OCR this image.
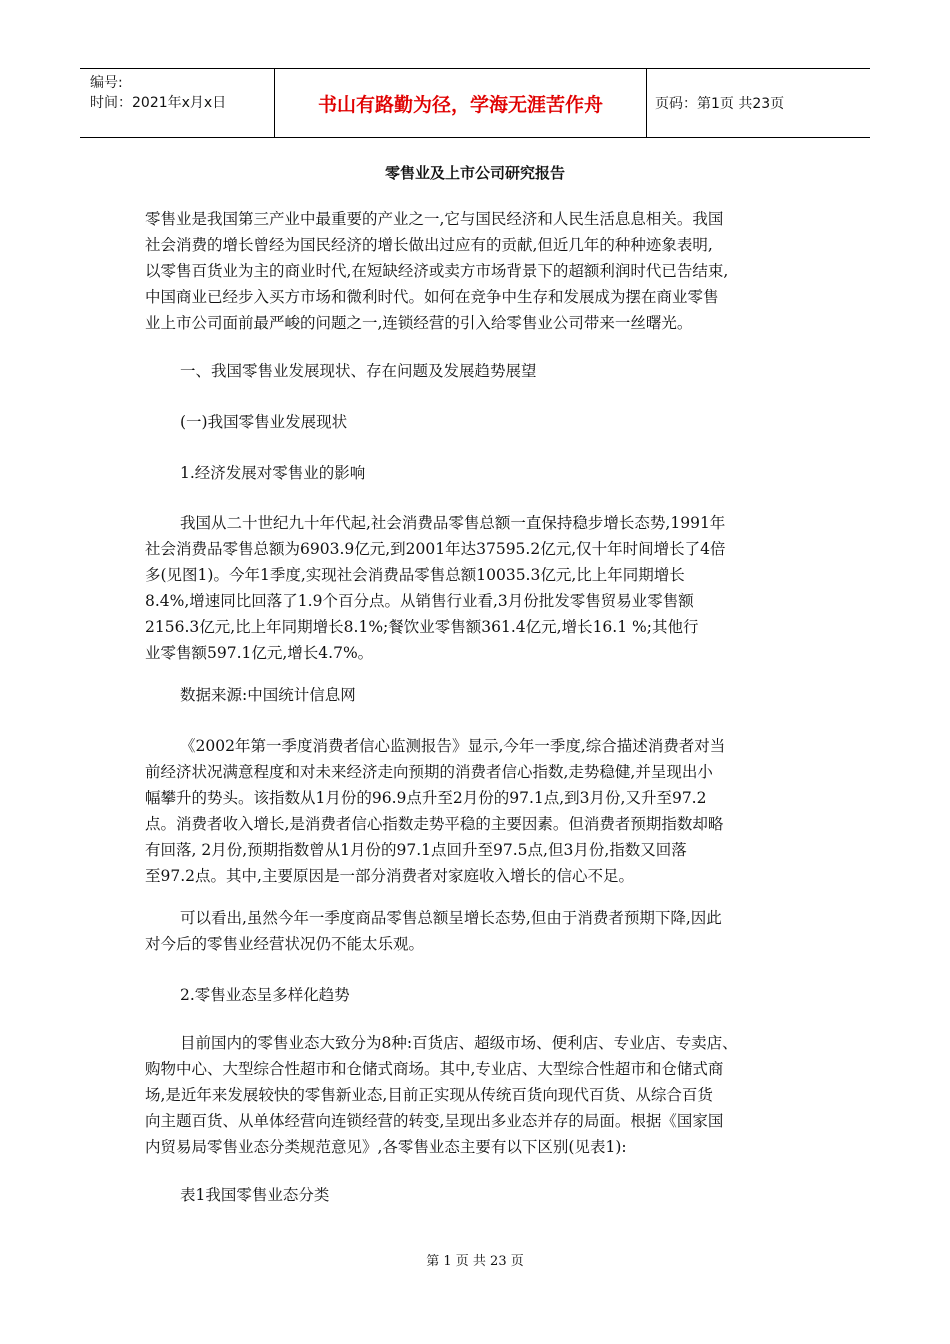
编号:
时间：2021年x月x日	书山有路勤为径，学海无涯苦作舟	页码：第1页 共23页
零售业及上市公司研究报告
零售业是我国第三产业中最重要的产业之一,它与国民经济和人民生活息息相关。我国
社会消费的增长曾经为国民经济的增长做出过应有的贡献,但近几年的种种迹象表明,
以零售百货业为主的商业时代,在短缺经济或卖方市场背景下的超额利润时代已告结束,
中国商业已经步入买方市场和微利时代。如何在竞争中生存和发展成为摆在商业零售
业上市公司面前最严峻的问题之一,连锁经营的引入给零售业公司带来一丝曙光。
一、我国零售业发展现状、存在问题及发展趋势展望
(一)我国零售业发展现状
1.经济发展对零售业的影响
我国从二十世纪九十年代起,社会消费品零售总额一直保持稳步增长态势,1991年
社会消费品零售总额为6903.9亿元,到2001年达37595.2亿元,仅十年时间增长了4倍
多(见图1)。今年1季度,实现社会消费品零售总额10035.3亿元,比上年同期增长
8.4%,增速同比回落了1.9个百分点。从销售行业看,3月份批发零售贸易业零售额
2156.3亿元,比上年同期增长8.1%;餐饮业零售额361.4亿元,增长16.1 %;其他行
业零售额597.1亿元,增长4.7%。
数据来源:中国统计信息网
《2002年第一季度消费者信心监测报告》显示,今年一季度,综合描述消费者对当
前经济状况满意程度和对未来经济走向预期的消费者信心指数,走势稳健,并呈现出小
幅攀升的势头。该指数从1月份的96.9点升至2月份的97.1点,到3月份,又升至97.2
点。消费者收入增长,是消费者信心指数走势平稳的主要因素。但消费者预期指数却略
有回落, 2月份,预期指数曾从1月份的97.1点回升至97.5点,但3月份,指数又回落
至97.2点。其中,主要原因是一部分消费者对家庭收入增长的信心不足。
可以看出,虽然今年一季度商品零售总额呈增长态势,但由于消费者预期下降,因此
对今后的零售业经营状况仍不能太乐观。
2.零售业态呈多样化趋势
目前国内的零售业态大致分为8种:百货店、超级市场、便利店、专业店、专卖店、
购物中心、大型综合性超市和仓储式商场。其中,专业店、大型综合性超市和仓储式商
场,是近年来发展较快的零售新业态,目前正实现从传统百货向现代百货、从综合百货
向主题百货、从单体经营向连锁经营的转变,呈现出多业态并存的局面。根据《国家国
内贸易局零售业态分类规范意见》,各零售业态主要有以下区别(见表1):
表1我国零售业态分类
第 1 页 共 23 页
